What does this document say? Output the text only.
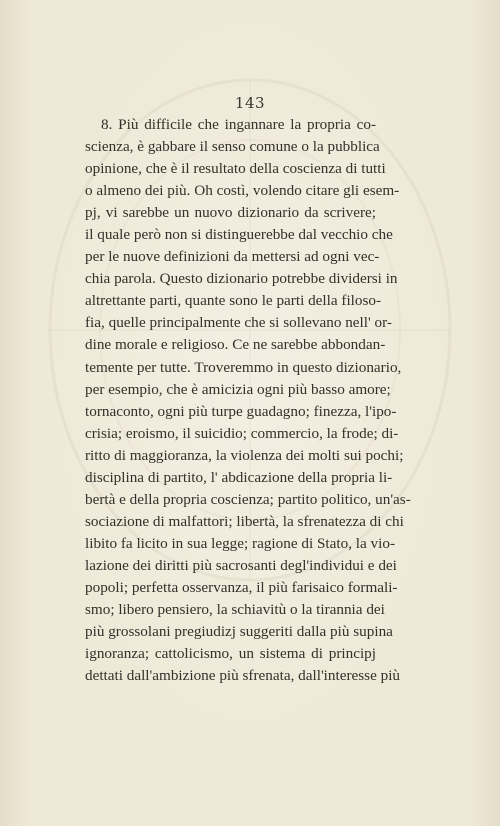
143
8. Più difficile che ingannare la propria co-
scienza, è gabbare il senso comune o la pubblica
opinione, che è il resultato della coscienza di tutti
o almeno dei più. Oh costì, volendo citare gli esem-
pj, vi sarebbe un nuovo dizionario da scrivere;
il quale però non si distinguerebbe dal vecchio che
per le nuove definizioni da mettersi ad ogni vec-
chia parola. Questo dizionario potrebbe dividersi in
altrettante parti, quante sono le parti della filoso-
fia, quelle principalmente che si sollevano nell' or-
dine morale e religioso. Ce ne sarebbe abbondan-
temente per tutte. Troveremmo in questo dizionario,
per esempio, che è amicizia ogni più basso amore;
tornaconto, ogni più turpe guadagno; finezza, l'ipo-
crisia; eroismo, il suicidio; commercio, la frode; di-
ritto di maggioranza, la violenza dei molti sui pochi;
disciplina di partito, l' abdicazione della propria li-
bertà e della propria coscienza; partito politico, un'as-
sociazione di malfattori; libertà, la sfrenatezza di chi
libito fa licito in sua legge; ragione di Stato, la vio-
lazione dei diritti più sacrosanti degl'individui e dei
popoli; perfetta osservanza, il più farisaico formali-
smo; libero pensiero, la schiavitù o la tirannia dei
più grossolani pregiudizj suggeriti dalla più supina
ignoranza; cattolicismo, un sistema di principj
dettati dall'ambizione più sfrenata, dall'interesse più
